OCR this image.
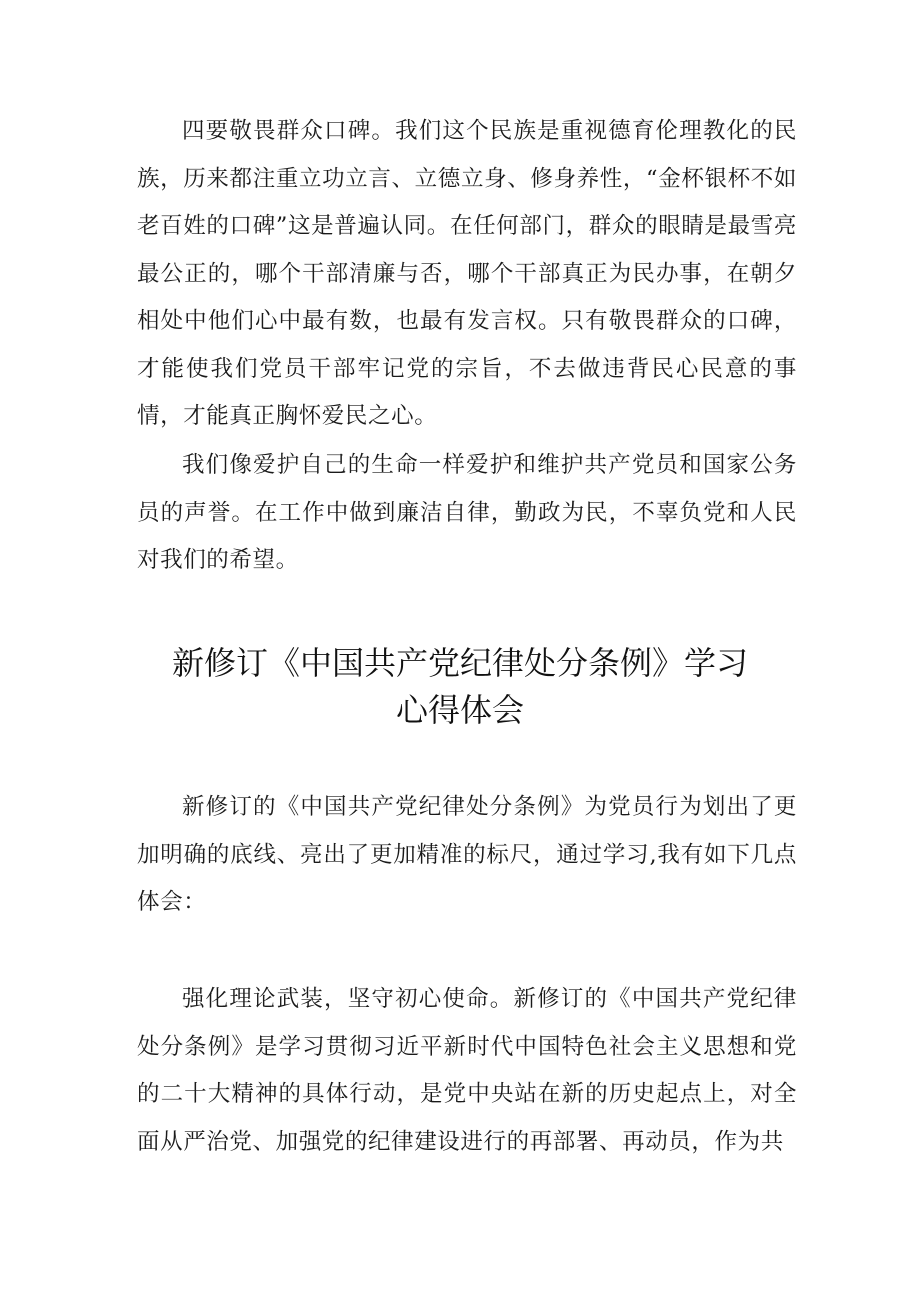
四要敬畏群众口碑。我们这个民族是重视德育伦理教化的民族，历来都注重立功立言、立德立身、修身养性，“金杯银杯不如老百姓的口碑”这是普遍认同。在任何部门，群众的眼睛是最雪亮最公正的，哪个干部清廉与否，哪个干部真正为民办事，在朝夕相处中他们心中最有数，也最有发言权。只有敬畏群众的口碑，才能使我们党员干部牢记党的宗旨，不去做违背民心民意的事情，才能真正胸怀爱民之心。

我们像爱护自己的生命一样爱护和维护共产党员和国家公务员的声誉。在工作中做到廉洁自律，勤政为民，不辜负党和人民对我们的希望。

新修订《中国共产党纪律处分条例》学习
心得体会

新修订的《中国共产党纪律处分条例》为党员行为划出了更加明确的底线、亮出了更加精准的标尺，通过学习,我有如下几点体会：

强化理论武装，坚守初心使命。新修订的《中国共产党纪律处分条例》是学习贯彻习近平新时代中国特色社会主义思想和党的二十大精神的具体行动，是党中央站在新的历史起点上，对全面从严治党、加强党的纪律建设进行的再部署、再动员，作为共
